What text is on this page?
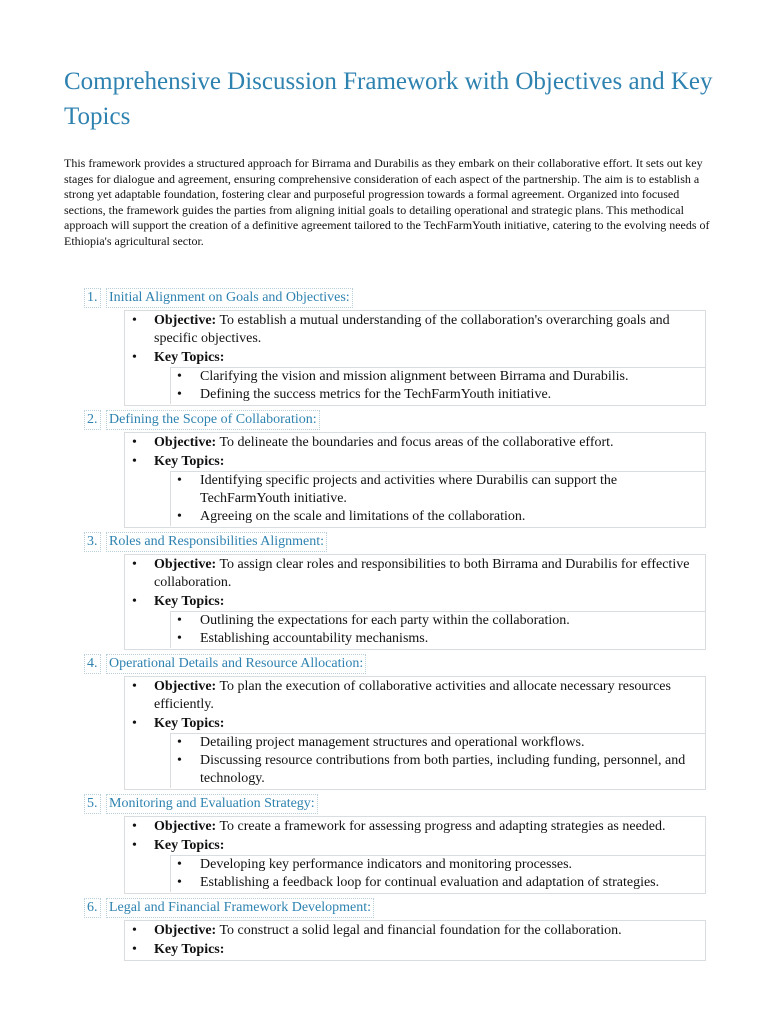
Comprehensive Discussion Framework with Objectives and Key Topics

This framework provides a structured approach for Birrama and Durabilis as they embark on their collaborative effort. It sets out key stages for dialogue and agreement, ensuring comprehensive consideration of each aspect of the partnership. The aim is to establish a strong yet adaptable foundation, fostering clear and purposeful progression towards a formal agreement. Organized into focused sections, the framework guides the parties from aligning initial goals to detailing operational and strategic plans. This methodical approach will support the creation of a definitive agreement tailored to the TechFarmYouth initiative, catering to the evolving needs of Ethiopia's agricultural sector.

1. Initial Alignment on Goals and Objectives:
• Objective: To establish a mutual understanding of the collaboration's overarching goals and specific objectives.
• Key Topics:
• Clarifying the vision and mission alignment between Birrama and Durabilis.
• Defining the success metrics for the TechFarmYouth initiative.
2. Defining the Scope of Collaboration:
• Objective: To delineate the boundaries and focus areas of the collaborative effort.
• Key Topics:
• Identifying specific projects and activities where Durabilis can support the TechFarmYouth initiative.
• Agreeing on the scale and limitations of the collaboration.
3. Roles and Responsibilities Alignment:
• Objective: To assign clear roles and responsibilities to both Birrama and Durabilis for effective collaboration.
• Key Topics:
• Outlining the expectations for each party within the collaboration.
• Establishing accountability mechanisms.
4. Operational Details and Resource Allocation:
• Objective: To plan the execution of collaborative activities and allocate necessary resources efficiently.
• Key Topics:
• Detailing project management structures and operational workflows.
• Discussing resource contributions from both parties, including funding, personnel, and technology.
5. Monitoring and Evaluation Strategy:
• Objective: To create a framework for assessing progress and adapting strategies as needed.
• Key Topics:
• Developing key performance indicators and monitoring processes.
• Establishing a feedback loop for continual evaluation and adaptation of strategies.
6. Legal and Financial Framework Development:
• Objective: To construct a solid legal and financial foundation for the collaboration.
• Key Topics:
